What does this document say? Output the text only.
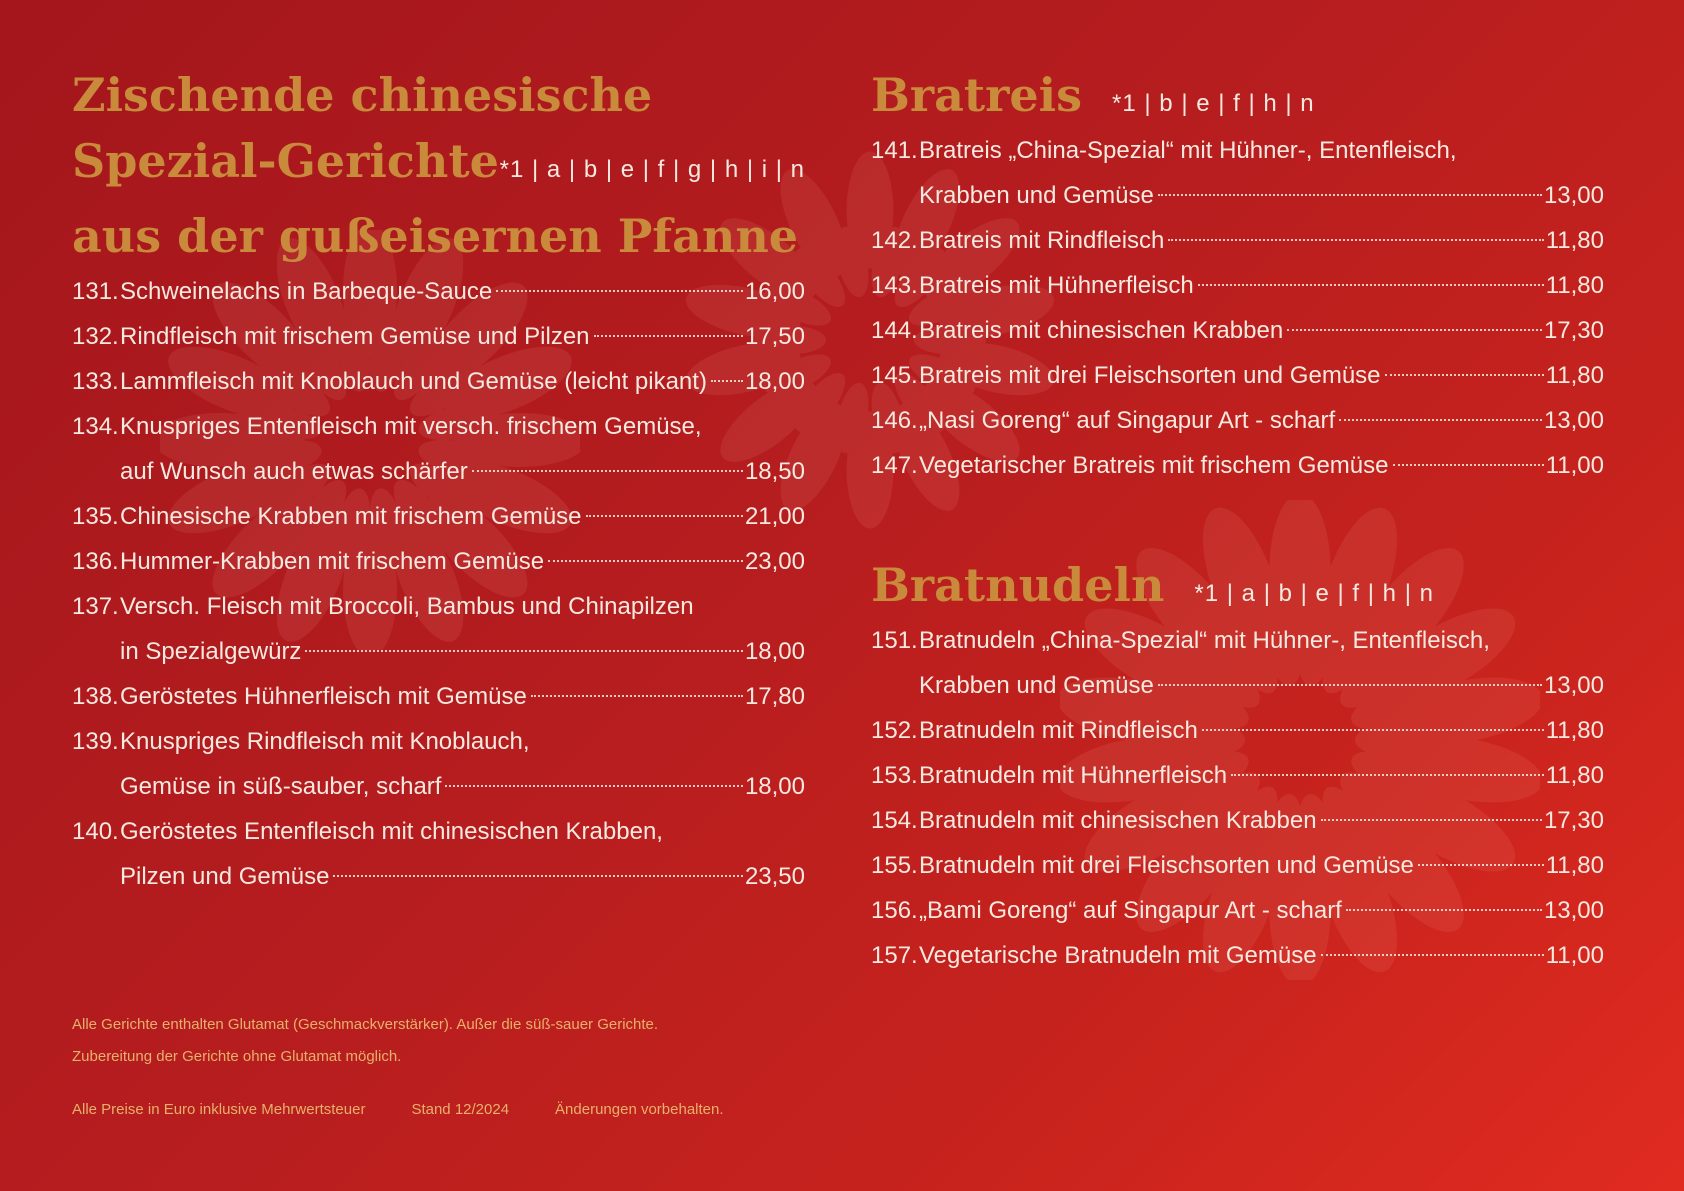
Zischende chinesische
Spezial-Gerichte *1 | a | b | e | f | g | h | i | n
aus der gußeisernen Pfanne
131. Schweinelachs in Barbeque-Sauce	16,00
132. Rindfleisch mit frischem Gemüse und Pilzen	17,50
133. Lammfleisch mit Knoblauch und Gemüse (leicht pikant) 18,00
134. Knuspriges Entenfleisch mit versch. frischem Gemüse,
auf Wunsch auch etwas schärfer	18,50
135. Chinesische Krabben mit frischem Gemüse	21,00
136. Hummer-Krabben mit frischem Gemüse	23,00
137. Versch. Fleisch mit Broccoli, Bambus und Chinapilzen
in Spezialgewürz	18,00
138. Geröstetes Hühnerfleisch mit Gemüse	17,80
139. Knuspriges Rindfleisch mit Knoblauch,
Gemüse in süß-sauber, scharf	18,00
140. Geröstetes Entenfleisch mit chinesischen Krabben,
Pilzen und Gemüse	23,50
Bratreis *1 | b | e | f | h | n
141. Bratreis „China-Spezial“ mit Hühner-, Entenfleisch,
Krabben und Gemüse	13,00
142. Bratreis mit Rindfleisch	11,80
143. Bratreis mit Hühnerfleisch	11,80
144. Bratreis mit chinesischen Krabben	17,30
145. Bratreis mit drei Fleischsorten und Gemüse	11,80
146. „Nasi Goreng“ auf Singapur Art - scharf	13,00
147. Vegetarischer Bratreis mit frischem Gemüse	11,00
Bratnudeln *1 | a | b | e | f | h | n
151. Bratnudeln „China-Spezial“ mit Hühner-, Entenfleisch,
Krabben und Gemüse	13,00
152. Bratnudeln mit Rindfleisch	11,80
153. Bratnudeln mit Hühnerfleisch	11,80
154. Bratnudeln mit chinesischen Krabben	17,30
155. Bratnudeln mit drei Fleischsorten und Gemüse	11,80
156. „Bami Goreng“ auf Singapur Art - scharf	13,00
157. Vegetarische Bratnudeln mit Gemüse	11,00
Alle Gerichte enthalten Glutamat (Geschmackverstärker). Außer die süß-sauer Gerichte.
Zubereitung der Gerichte ohne Glutamat möglich.
Alle Preise in Euro inklusive Mehrwertsteuer	Stand 12/2024	Änderungen vorbehalten.
